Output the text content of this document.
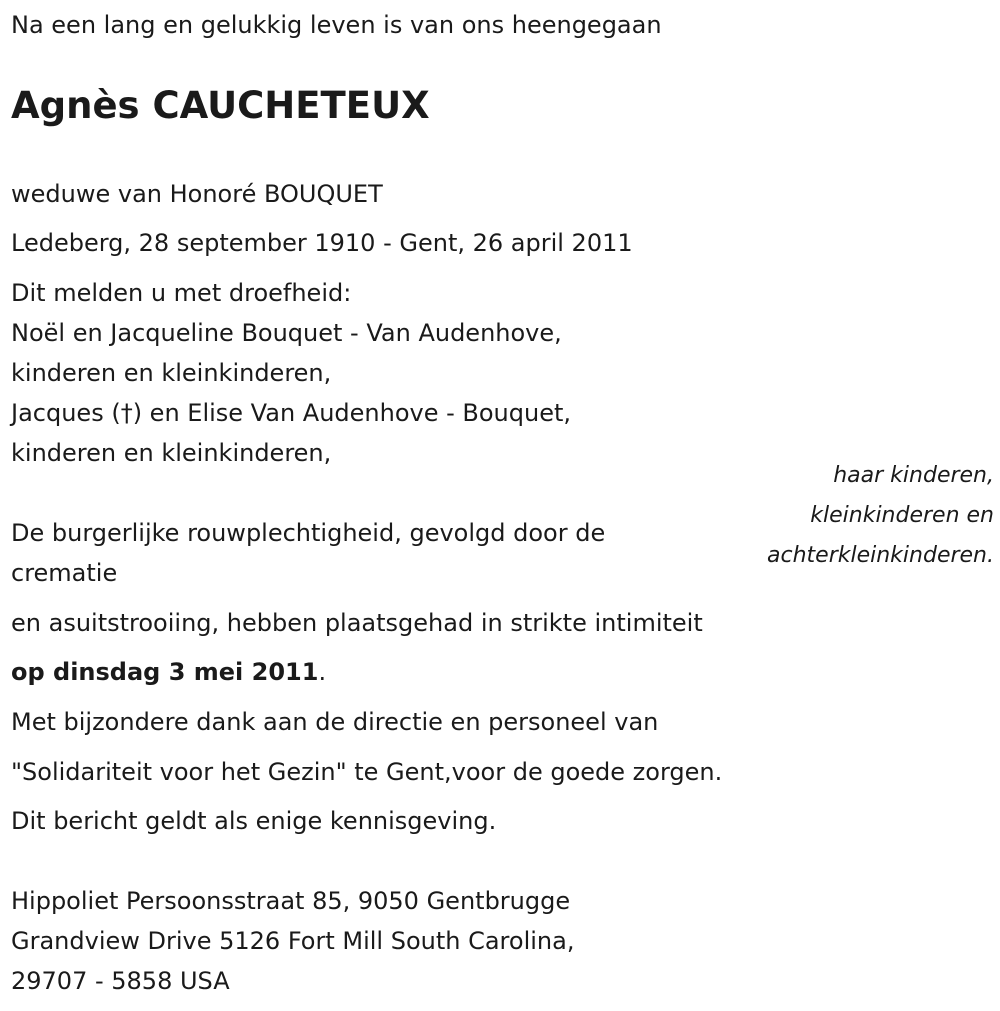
Na een lang en gelukkig leven is van ons heengegaan

Agnès CAUCHETEUX

weduwe van Honoré BOUQUET

Ledeberg, 28 september 1910 - Gent, 26 april 2011

Dit melden u met droefheid:

Noël en Jacqueline Bouquet - Van Audenhove,

kinderen en kleinkinderen,

Jacques (†) en Elise Van Audenhove - Bouquet,

kinderen en kleinkinderen,

haar kinderen,
kleinkinderen en
achterkleinkinderen.

De burgerlijke rouwplechtigheid, gevolgd door de

crematie

en asuitstrooiing, hebben plaatsgehad in strikte intimiteit

op dinsdag 3 mei 2011.

Met bijzondere dank aan de directie en personeel van

"Solidariteit voor het Gezin" te Gent,voor de goede zorgen.

Dit bericht geldt als enige kennisgeving.

Hippoliet Persoonsstraat 85, 9050 Gentbrugge

Grandview Drive 5126 Fort Mill South Carolina,

29707 - 5858 USA
